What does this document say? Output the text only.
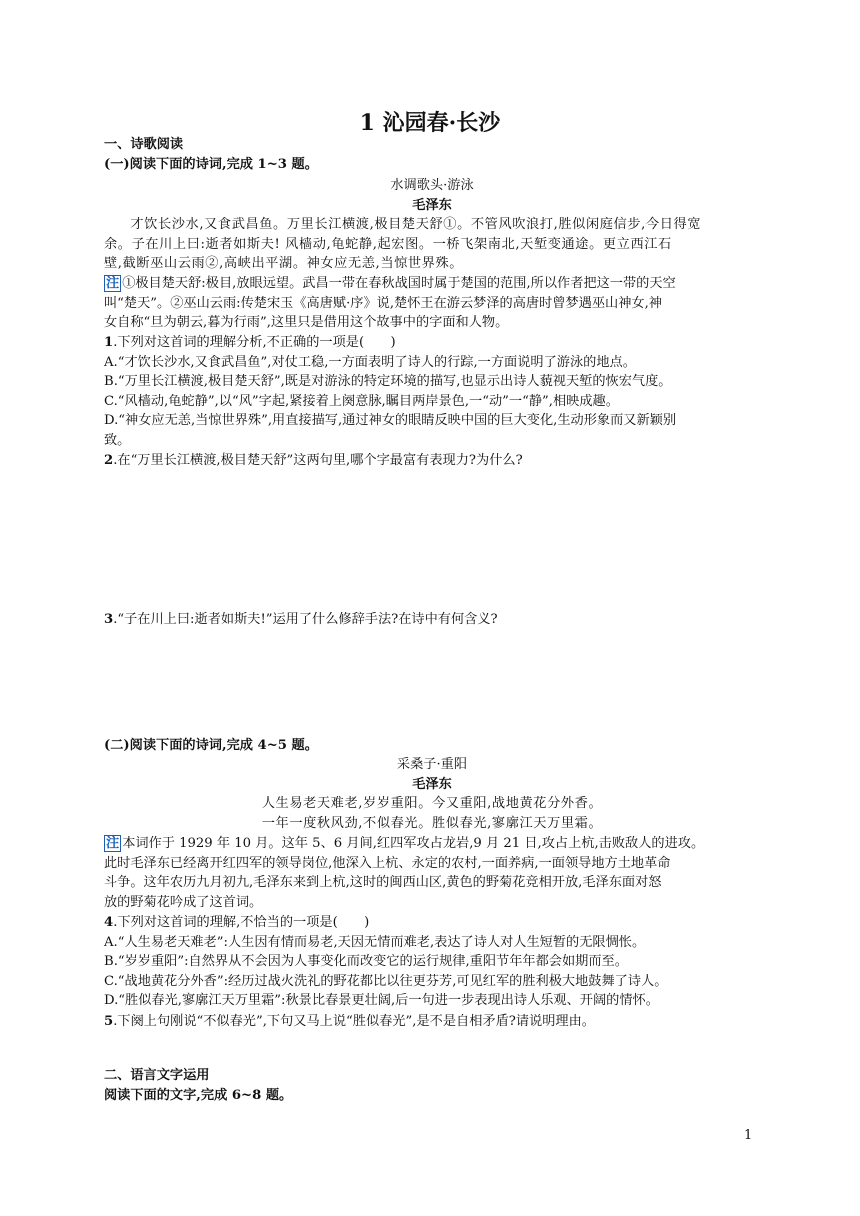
1 沁园春·长沙
一、诗歌阅读
(一)阅读下面的诗词,完成 1~3 题。
水调歌头·游泳
毛泽东

才饮长沙水,又食武昌鱼。万里长江横渡,极目楚天舒①。不管风吹浪打,胜似闲庭信步,今日得宽

余。子在川上曰:逝者如斯夫! 风樯动,龟蛇静,起宏图。一桥飞架南北,天堑变通途。更立西江石

壁,截断巫山云雨②,高峡出平湖。神女应无恙,当惊世界殊。

注 ①极目楚天舒:极目,放眼远望。武昌一带在春秋战国时属于楚国的范围,所以作者把这一带的天空

叫“楚天”。②巫山云雨:传楚宋玉《高唐赋·序》说,楚怀王在游云梦泽的高唐时曾梦遇巫山神女,神

女自称“旦为朝云,暮为行雨”,这里只是借用这个故事中的字面和人物。

1.下列对这首词的理解分析,不正确的一项是(　　)

A.“才饮长沙水,又食武昌鱼”,对仗工稳,一方面表明了诗人的行踪,一方面说明了游泳的地点。

B.“万里长江横渡,极目楚天舒”,既是对游泳的特定环境的描写,也显示出诗人藐视天堑的恢宏气度。

C.“风樯动,龟蛇静”,以“风”字起,紧接着上阕意脉,瞩目两岸景色,一“动”一“静”,相映成趣。

D.“神女应无恙,当惊世界殊”,用直接描写,通过神女的眼睛反映中国的巨大变化,生动形象而又新颖别

致。

2.在“万里长江横渡,极目楚天舒”这两句里,哪个字最富有表现力?为什么?

3.“子在川上曰:逝者如斯夫!”运用了什么修辞手法?在诗中有何含义?

(二)阅读下面的诗词,完成 4~5 题。
采桑子·重阳
毛泽东

人生易老天难老,岁岁重阳。今又重阳,战地黄花分外香。

一年一度秋风劲,不似春光。胜似春光,寥廓江天万里霜。

注 本词作于 1929 年 10 月。这年 5、6 月间,红四军攻占龙岩,9 月 21 日,攻占上杭,击败敌人的进攻。

此时毛泽东已经离开红四军的领导岗位,他深入上杭、永定的农村,一面养病,一面领导地方土地革命

斗争。这年农历九月初九,毛泽东来到上杭,这时的闽西山区,黄色的野菊花竞相开放,毛泽东面对怒

放的野菊花吟成了这首词。

4.下列对这首词的理解,不恰当的一项是(　　)

A.“人生易老天难老”:人生因有情而易老,天因无情而难老,表达了诗人对人生短暂的无限惆怅。

B.“岁岁重阳”:自然界从不会因为人事变化而改变它的运行规律,重阳节年年都会如期而至。

C.“战地黄花分外香”:经历过战火洗礼的野花都比以往更芬芳,可见红军的胜利极大地鼓舞了诗人。

D.“胜似春光,寥廓江天万里霜”:秋景比春景更壮阔,后一句进一步表现出诗人乐观、开阔的情怀。

5.下阕上句刚说“不似春光”,下句又马上说“胜似春光”,是不是自相矛盾?请说明理由。

二、语言文字运用
阅读下面的文字,完成 6~8 题。
1
